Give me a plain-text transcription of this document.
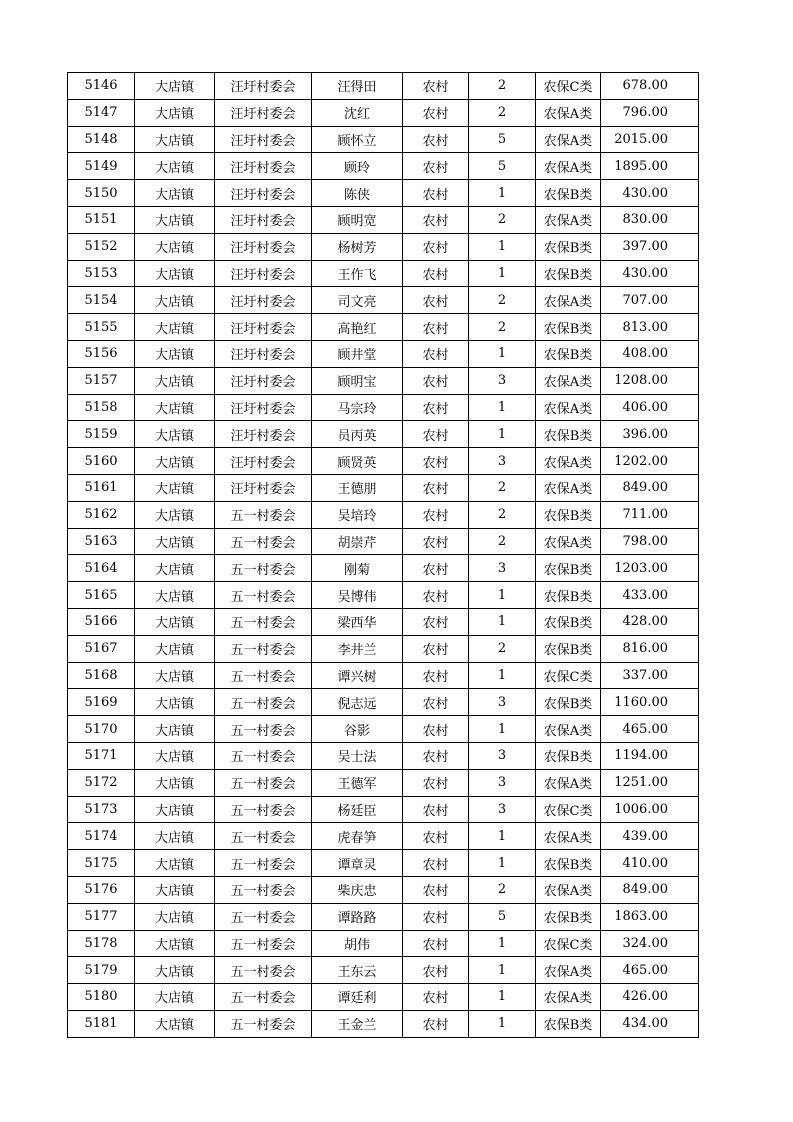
5146	大店镇	汪圩村委会	汪得田	农村	2	农保C类	678.00
5147	大店镇	汪圩村委会	沈红	农村	2	农保A类	796.00
5148	大店镇	汪圩村委会	顾怀立	农村	5	农保A类	2015.00
5149	大店镇	汪圩村委会	顾玲	农村	5	农保A类	1895.00
5150	大店镇	汪圩村委会	陈侠	农村	1	农保B类	430.00
5151	大店镇	汪圩村委会	顾明宽	农村	2	农保A类	830.00
5152	大店镇	汪圩村委会	杨树芳	农村	1	农保B类	397.00
5153	大店镇	汪圩村委会	王作飞	农村	1	农保B类	430.00
5154	大店镇	汪圩村委会	司文亮	农村	2	农保A类	707.00
5155	大店镇	汪圩村委会	高艳红	农村	2	农保B类	813.00
5156	大店镇	汪圩村委会	顾井堂	农村	1	农保B类	408.00
5157	大店镇	汪圩村委会	顾明宝	农村	3	农保A类	1208.00
5158	大店镇	汪圩村委会	马宗玲	农村	1	农保A类	406.00
5159	大店镇	汪圩村委会	员丙英	农村	1	农保B类	396.00
5160	大店镇	汪圩村委会	顾贤英	农村	3	农保A类	1202.00
5161	大店镇	汪圩村委会	王德朋	农村	2	农保A类	849.00
5162	大店镇	五一村委会	吴培玲	农村	2	农保B类	711.00
5163	大店镇	五一村委会	胡崇芹	农村	2	农保A类	798.00
5164	大店镇	五一村委会	刚菊	农村	3	农保B类	1203.00
5165	大店镇	五一村委会	吴博伟	农村	1	农保B类	433.00
5166	大店镇	五一村委会	梁西华	农村	1	农保B类	428.00
5167	大店镇	五一村委会	李井兰	农村	2	农保B类	816.00
5168	大店镇	五一村委会	谭兴树	农村	1	农保C类	337.00
5169	大店镇	五一村委会	倪志远	农村	3	农保B类	1160.00
5170	大店镇	五一村委会	谷影	农村	1	农保A类	465.00
5171	大店镇	五一村委会	吴士法	农村	3	农保B类	1194.00
5172	大店镇	五一村委会	王德军	农村	3	农保A类	1251.00
5173	大店镇	五一村委会	杨廷臣	农村	3	农保C类	1006.00
5174	大店镇	五一村委会	虎春笋	农村	1	农保A类	439.00
5175	大店镇	五一村委会	谭章灵	农村	1	农保B类	410.00
5176	大店镇	五一村委会	柴庆忠	农村	2	农保A类	849.00
5177	大店镇	五一村委会	谭路路	农村	5	农保B类	1863.00
5178	大店镇	五一村委会	胡伟	农村	1	农保C类	324.00
5179	大店镇	五一村委会	王东云	农村	1	农保A类	465.00
5180	大店镇	五一村委会	谭廷利	农村	1	农保A类	426.00
5181	大店镇	五一村委会	王金兰	农村	1	农保B类	434.00
